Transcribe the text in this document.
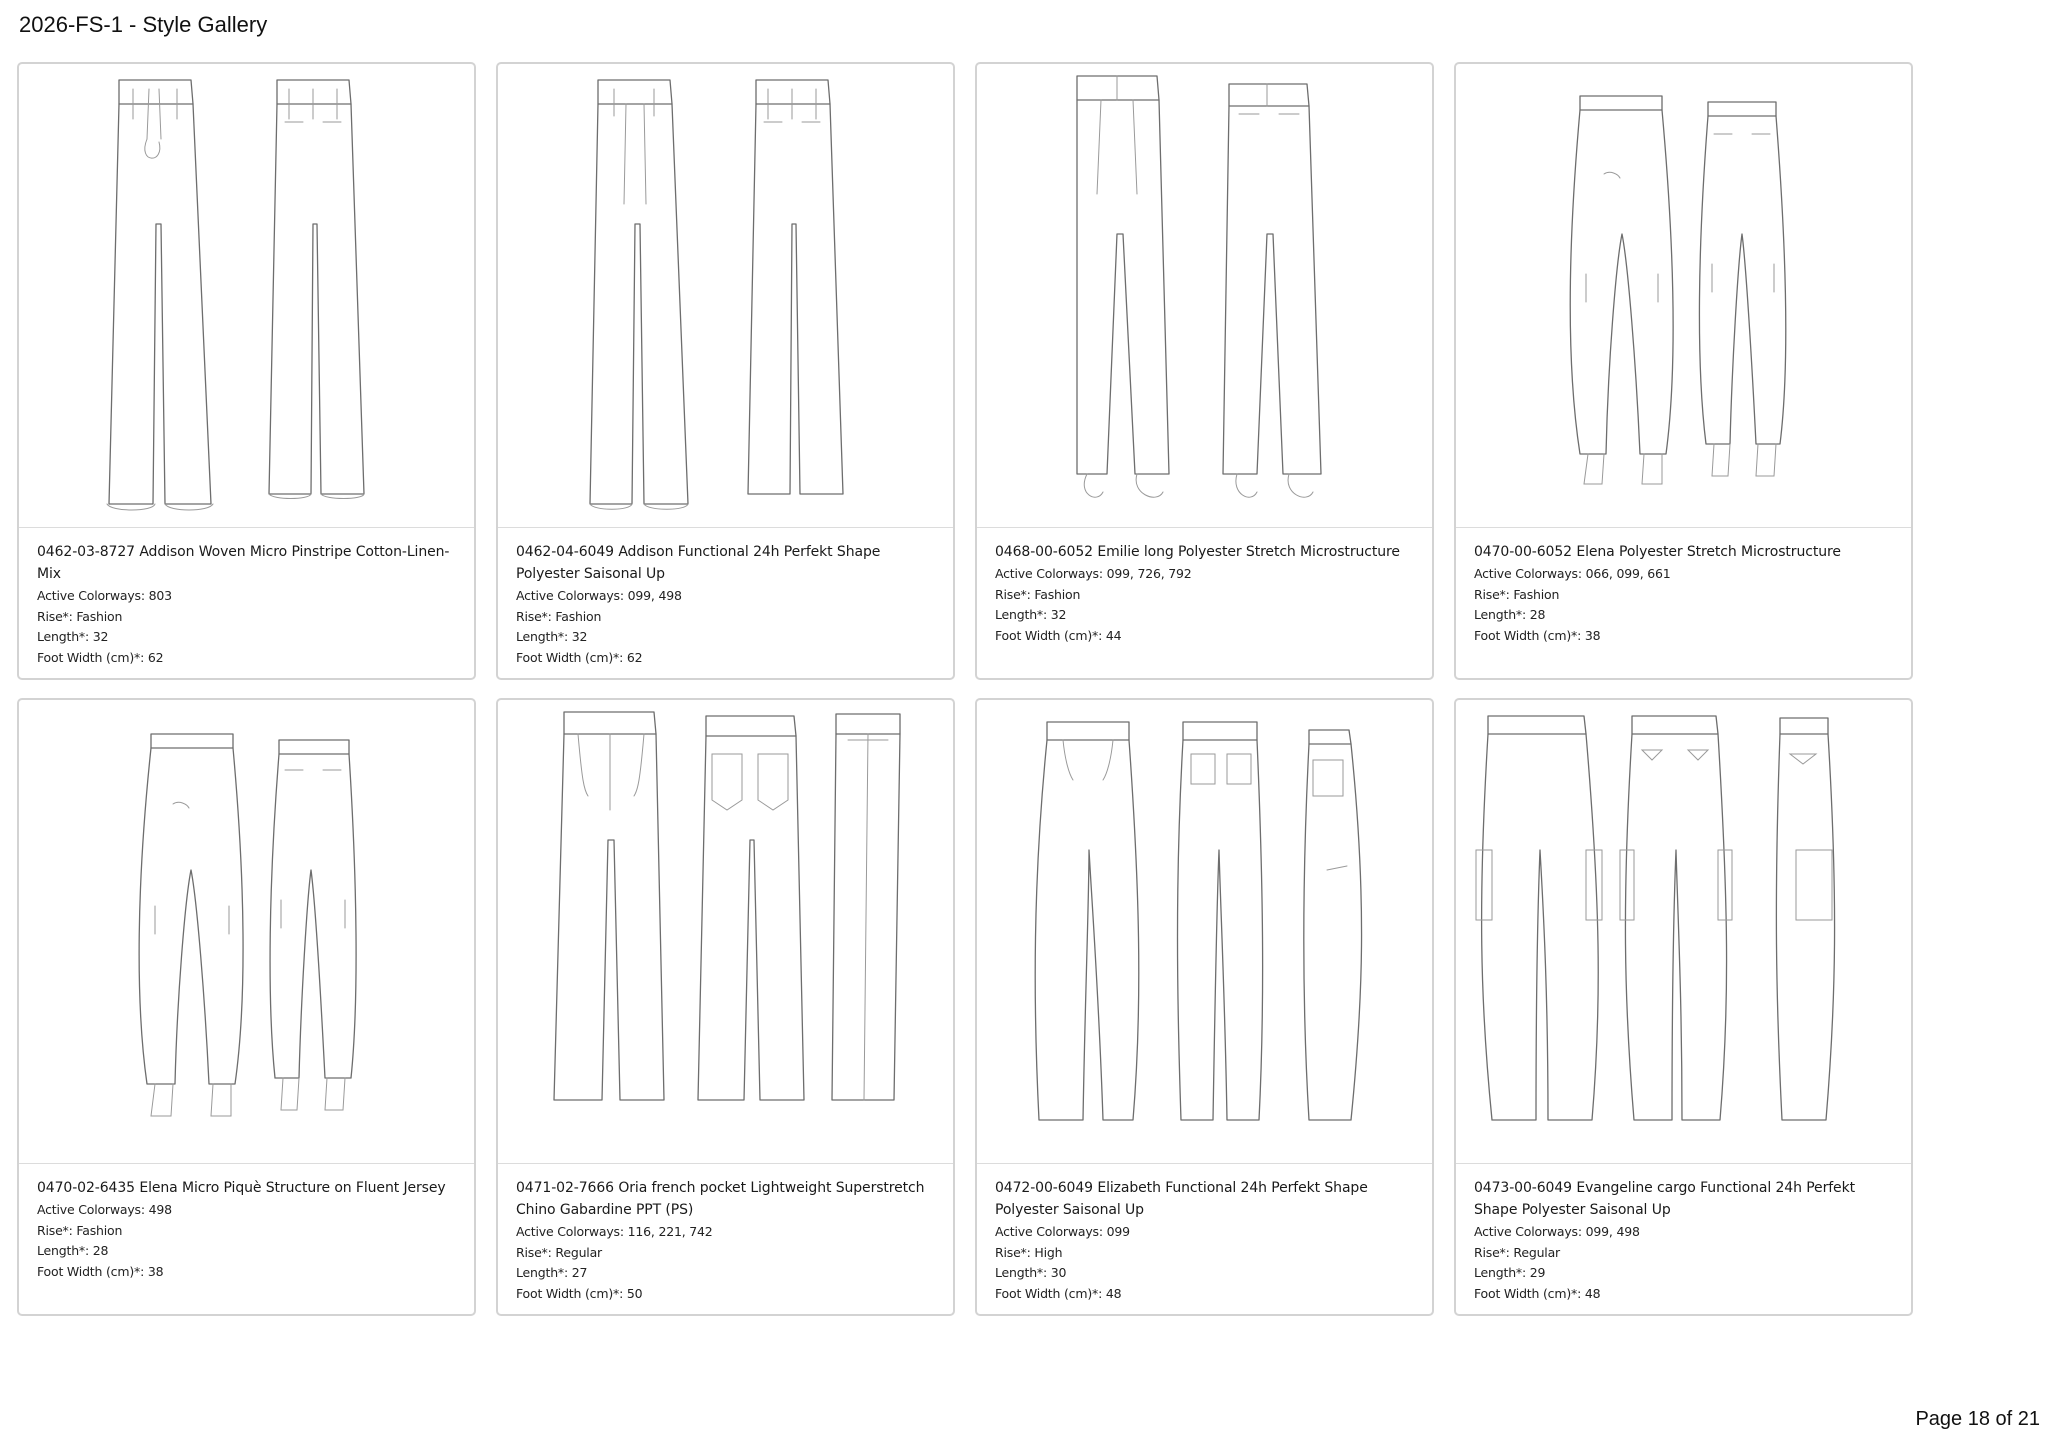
2026-FS-1 - Style Gallery
0462-03-8727 Addison Woven Micro Pinstripe Cotton-Linen-Mix
Active Colorways : 803
Rise* : Fashion
Length* : 32
Foot Width (cm)* : 62
0462-04-6049 Addison Functional 24h Perfekt Shape Polyester Saisonal Up
Active Colorways : 099, 498
Rise* : Fashion
Length* : 32
Foot Width (cm)* : 62
0468-00-6052 Emilie long Polyester Stretch Microstructure
Active Colorways : 099, 726, 792
Rise* : Fashion
Length* : 32
Foot Width (cm)* : 44
0470-00-6052 Elena Polyester Stretch Microstructure
Active Colorways : 066, 099, 661
Rise* : Fashion
Length* : 28
Foot Width (cm)* : 38
0470-02-6435 Elena Micro Piquè Structure on Fluent Jersey
Active Colorways : 498
Rise* : Fashion
Length* : 28
Foot Width (cm)* : 38
0471-02-7666 Oria french pocket Lightweight Superstretch Chino Gabardine PPT (PS)
Active Colorways : 116, 221, 742
Rise* : Regular
Length* : 27
Foot Width (cm)* : 50
0472-00-6049 Elizabeth Functional 24h Perfekt Shape Polyester Saisonal Up
Active Colorways : 099
Rise* : High
Length* : 30
Foot Width (cm)* : 48
0473-00-6049 Evangeline cargo Functional 24h Perfekt Shape Polyester Saisonal Up
Active Colorways : 099, 498
Rise* : Regular
Length* : 29
Foot Width (cm)* : 48
Page 18 of 21
